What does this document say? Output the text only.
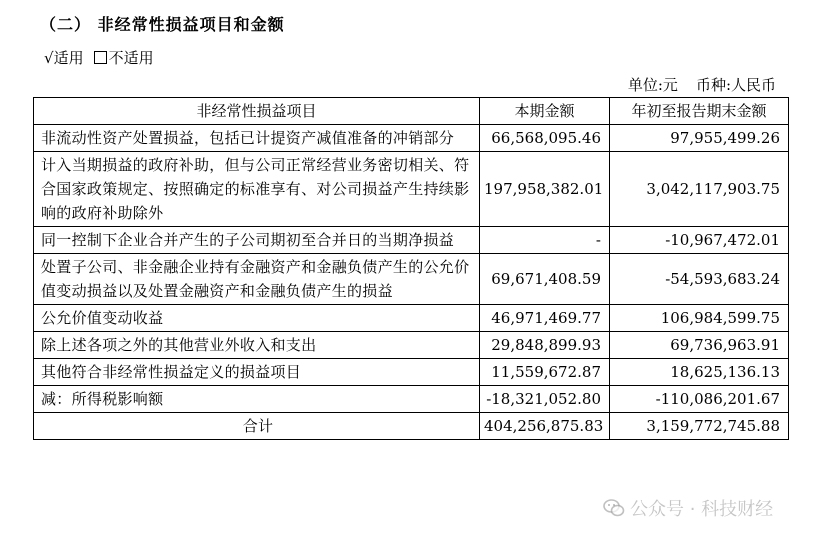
（二） 非经常性损益项目和金额
√适用 不适用
单位:元 币种:人民币
非经常性损益项目	本期金额	年初至报告期末金额
非流动性资产处置损益，包括已计提资产减值准备的冲销部分	66,568,095.46	97,955,499.26
计入当期损益的政府补助，但与公司正常经营业务密切相关、符合国家政策规定、按照确定的标准享有、对公司损益产生持续影响的政府补助除外	197,958,382.01	3,042,117,903.75
同一控制下企业合并产生的子公司期初至合并日的当期净损益	-	-10,967,472.01
处置子公司、非金融企业持有金融资产和金融负债产生的公允价值变动损益以及处置金融资产和金融负债产生的损益	69,671,408.59	-54,593,683.24
公允价值变动收益	46,971,469.77	106,984,599.75
除上述各项之外的其他营业外收入和支出	29,848,899.93	69,736,963.91
其他符合非经常性损益定义的损益项目	11,559,672.87	18,625,136.13
减：所得税影响额	-18,321,052.80	-110,086,201.67
合计	404,256,875.83	3,159,772,745.88
公众号 · 科技财经
